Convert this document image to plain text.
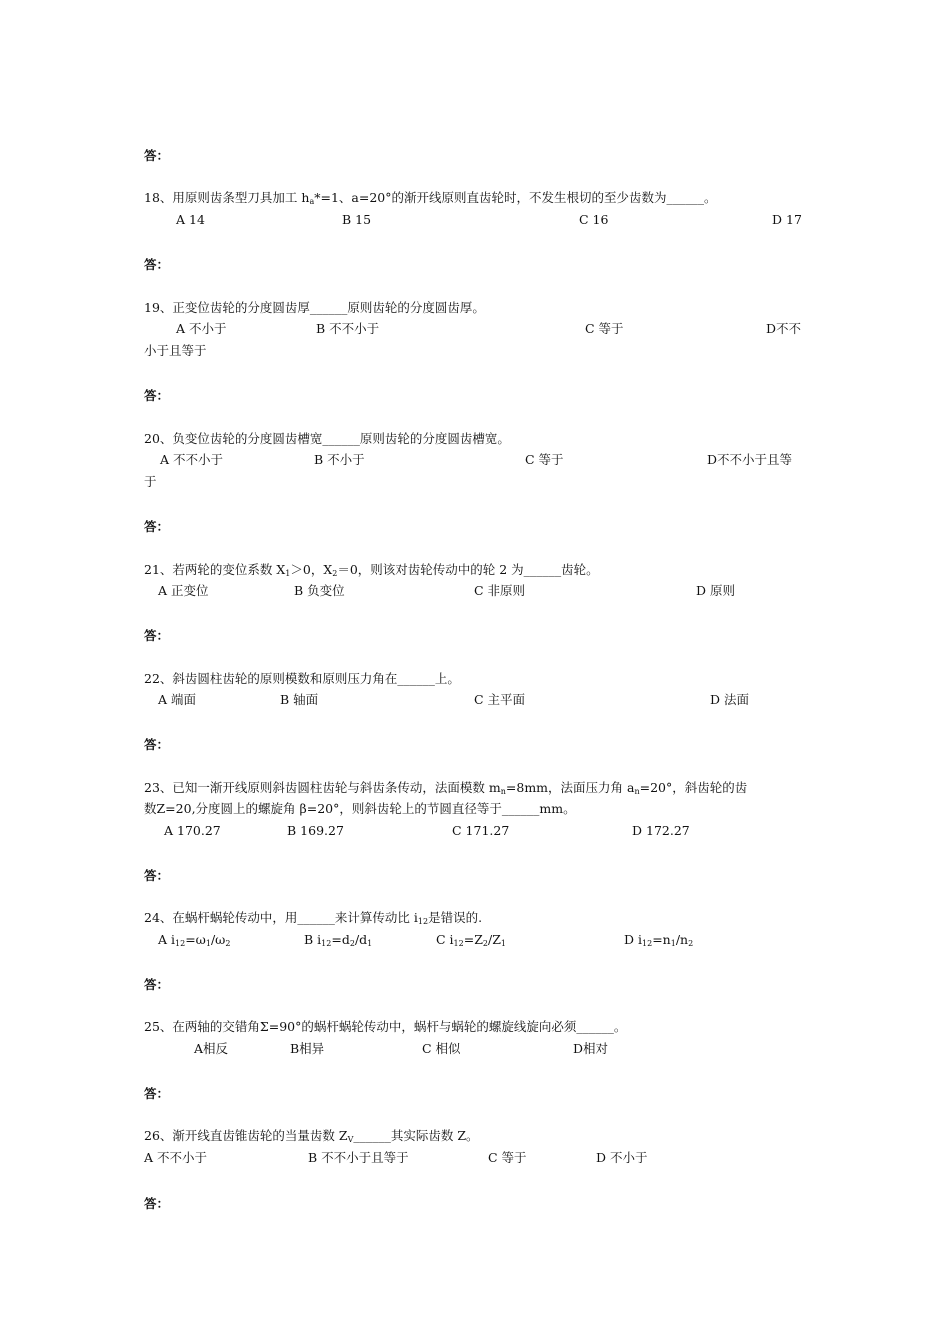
答：
18、用原则齿条型刀具加工 $h_a*=1$、a=20°的渐开线原则直齿轮时，不发生根切的至少齿数为______。
A 14	B 15	C 16	D 17
答：
19、正变位齿轮的分度圆齿厚______原则齿轮的分度圆齿厚。
A 不小于	B 不不小于	C 等于	D不不
小于且等于
答：
20、负变位齿轮的分度圆齿槽宽______原则齿轮的分度圆齿槽宽。
A 不不小于	B 不小于	C 等于	D不不小于且等
于
答：
21、若两轮的变位系数 $X_1>0$，$X_2=0$，则该对齿轮传动中的轮 2 为______齿轮。
A 正变位	B 负变位	C 非原则	D 原则
答：
22、斜齿圆柱齿轮的原则模数和原则压力角在______上。
A 端面	B 轴面	C 主平面	D 法面
答：
23、已知一渐开线原则斜齿圆柱齿轮与斜齿条传动，法面模数 $m_n=8mm$，法面压力角 $a_n=20^\circ$，斜齿轮的齿
数Z=20,分度圆上的螺旋角 β=20°，则斜齿轮上的节圆直径等于______mm。
A 170.27	B 169.27	C 171.27	D 172.27
答：
24、在蜗杆蜗轮传动中，用______来计算传动比 $i_{12}$是错误的.
A $i_{12}=\omega_1/\omega_2$	B $i_{12}=d_2/d_1$	C $i_{12}=Z_2/Z_1$	D $i_{12}=n_1/n_2$
答：
25、在两轴的交错角Σ=90°的蜗杆蜗轮传动中，蜗杆与蜗轮的螺旋线旋向必须______。
A相反	B相异	C 相似	D相对
答：
26、渐开线直齿锥齿轮的当量齿数 $Z_V\_\_\_\_\_\_$其实际齿数 Z。
A 不不小于	B 不不小于且等于	C 等于	D 不小于
答：
